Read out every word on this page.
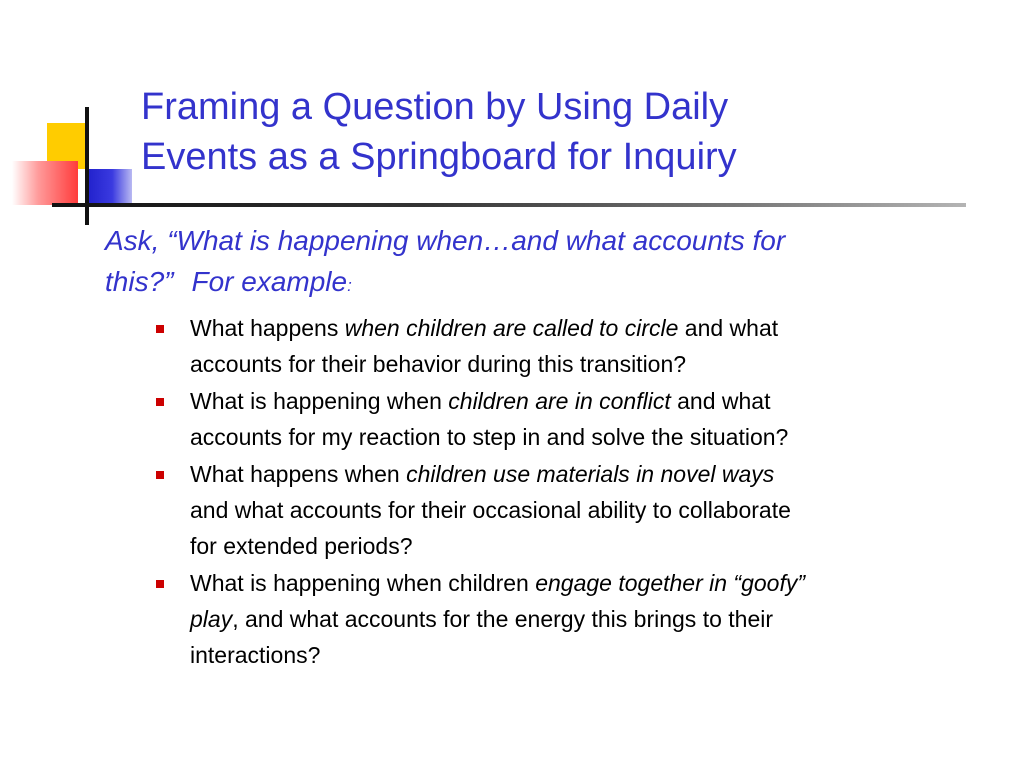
Framing a Question by Using Daily
Events as a Springboard for Inquiry

Ask, “What is happening when…and what accounts for
this?” For example:

What happens when children are called to circle and what
accounts for their behavior during this transition?
What is happening when children are in conflict and what
accounts for my reaction to step in and solve the situation?
What happens when children use materials in novel ways
and what accounts for their occasional ability to collaborate
for extended periods?
What is happening when children engage together in “goofy”
play, and what accounts for the energy this brings to their
interactions?
